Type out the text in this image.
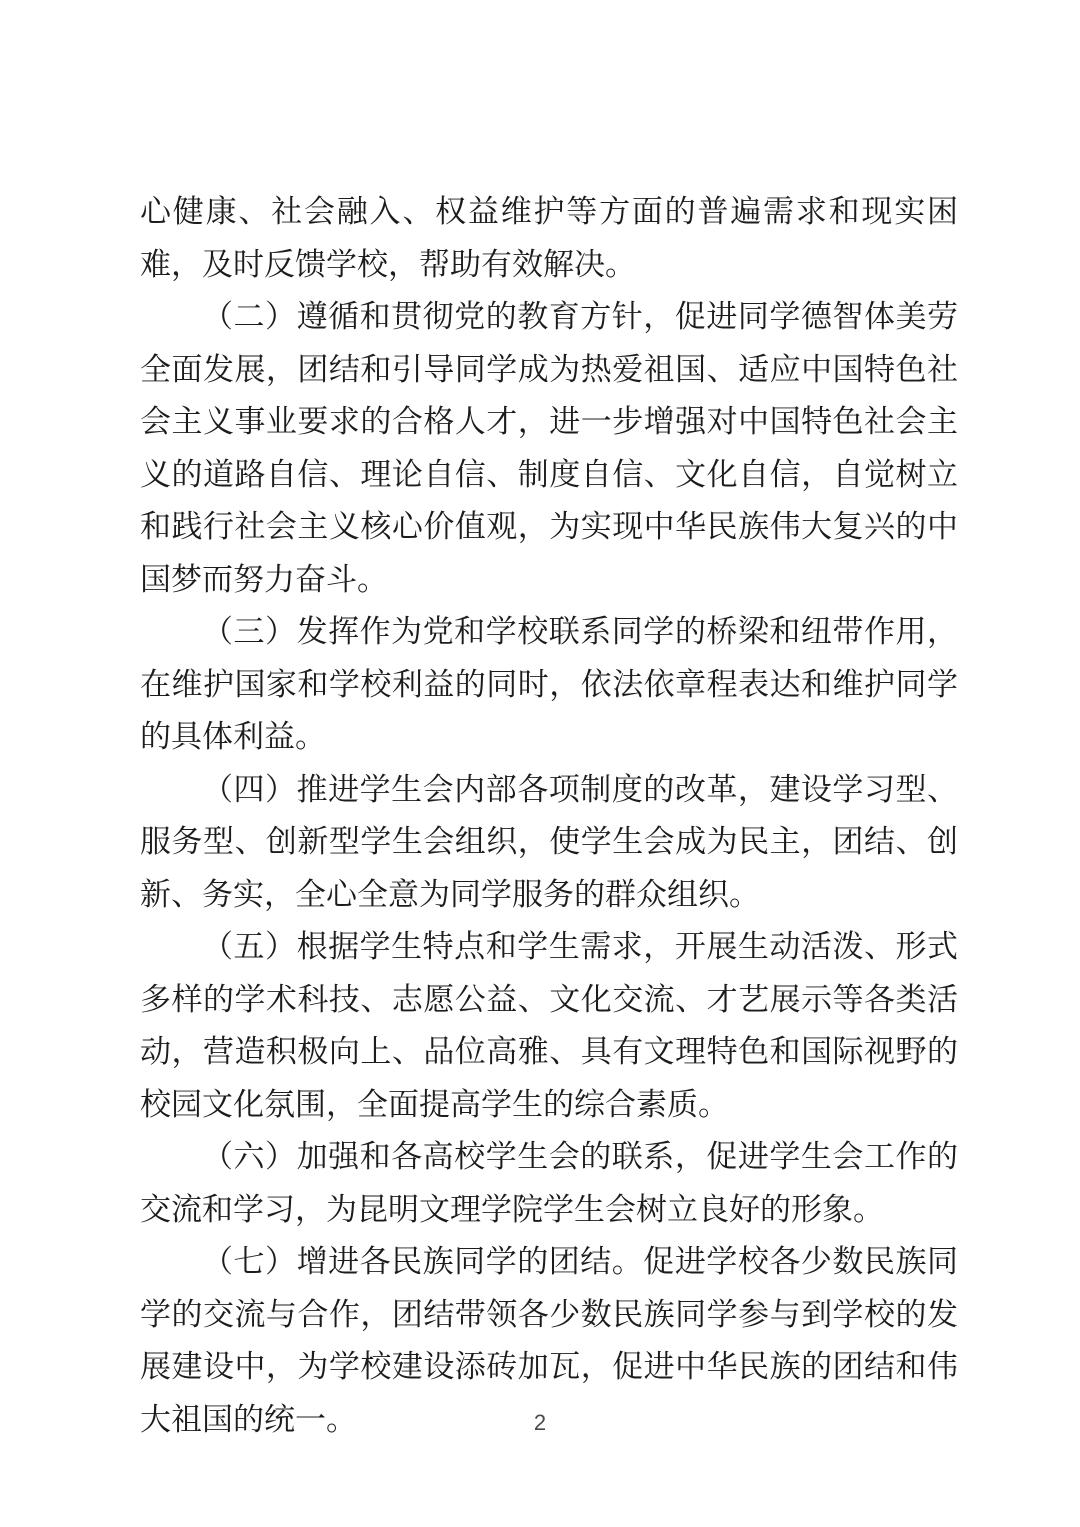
心健康、社会融入、权益维护等方面的普遍需求和现实困难，及时反馈学校，帮助有效解决。

（二）遵循和贯彻党的教育方针，促进同学德智体美劳全面发展，团结和引导同学成为热爱祖国、适应中国特色社会主义事业要求的合格人才，进一步增强对中国特色社会主义的道路自信、理论自信、制度自信、文化自信，自觉树立和践行社会主义核心价值观，为实现中华民族伟大复兴的中国梦而努力奋斗。

（三）发挥作为党和学校联系同学的桥梁和纽带作用，在维护国家和学校利益的同时，依法依章程表达和维护同学的具体利益。

（四）推进学生会内部各项制度的改革，建设学习型、服务型、创新型学生会组织，使学生会成为民主，团结、创新、务实，全心全意为同学服务的群众组织。

（五）根据学生特点和学生需求，开展生动活泼、形式多样的学术科技、志愿公益、文化交流、才艺展示等各类活动，营造积极向上、品位高雅、具有文理特色和国际视野的校园文化氛围，全面提高学生的综合素质。

（六）加强和各高校学生会的联系，促进学生会工作的交流和学习，为昆明文理学院学生会树立良好的形象。

（七）增进各民族同学的团结。促进学校各少数民族同学的交流与合作，团结带领各少数民族同学参与到学校的发展建设中，为学校建设添砖加瓦，促进中华民族的团结和伟大祖国的统一。	2
